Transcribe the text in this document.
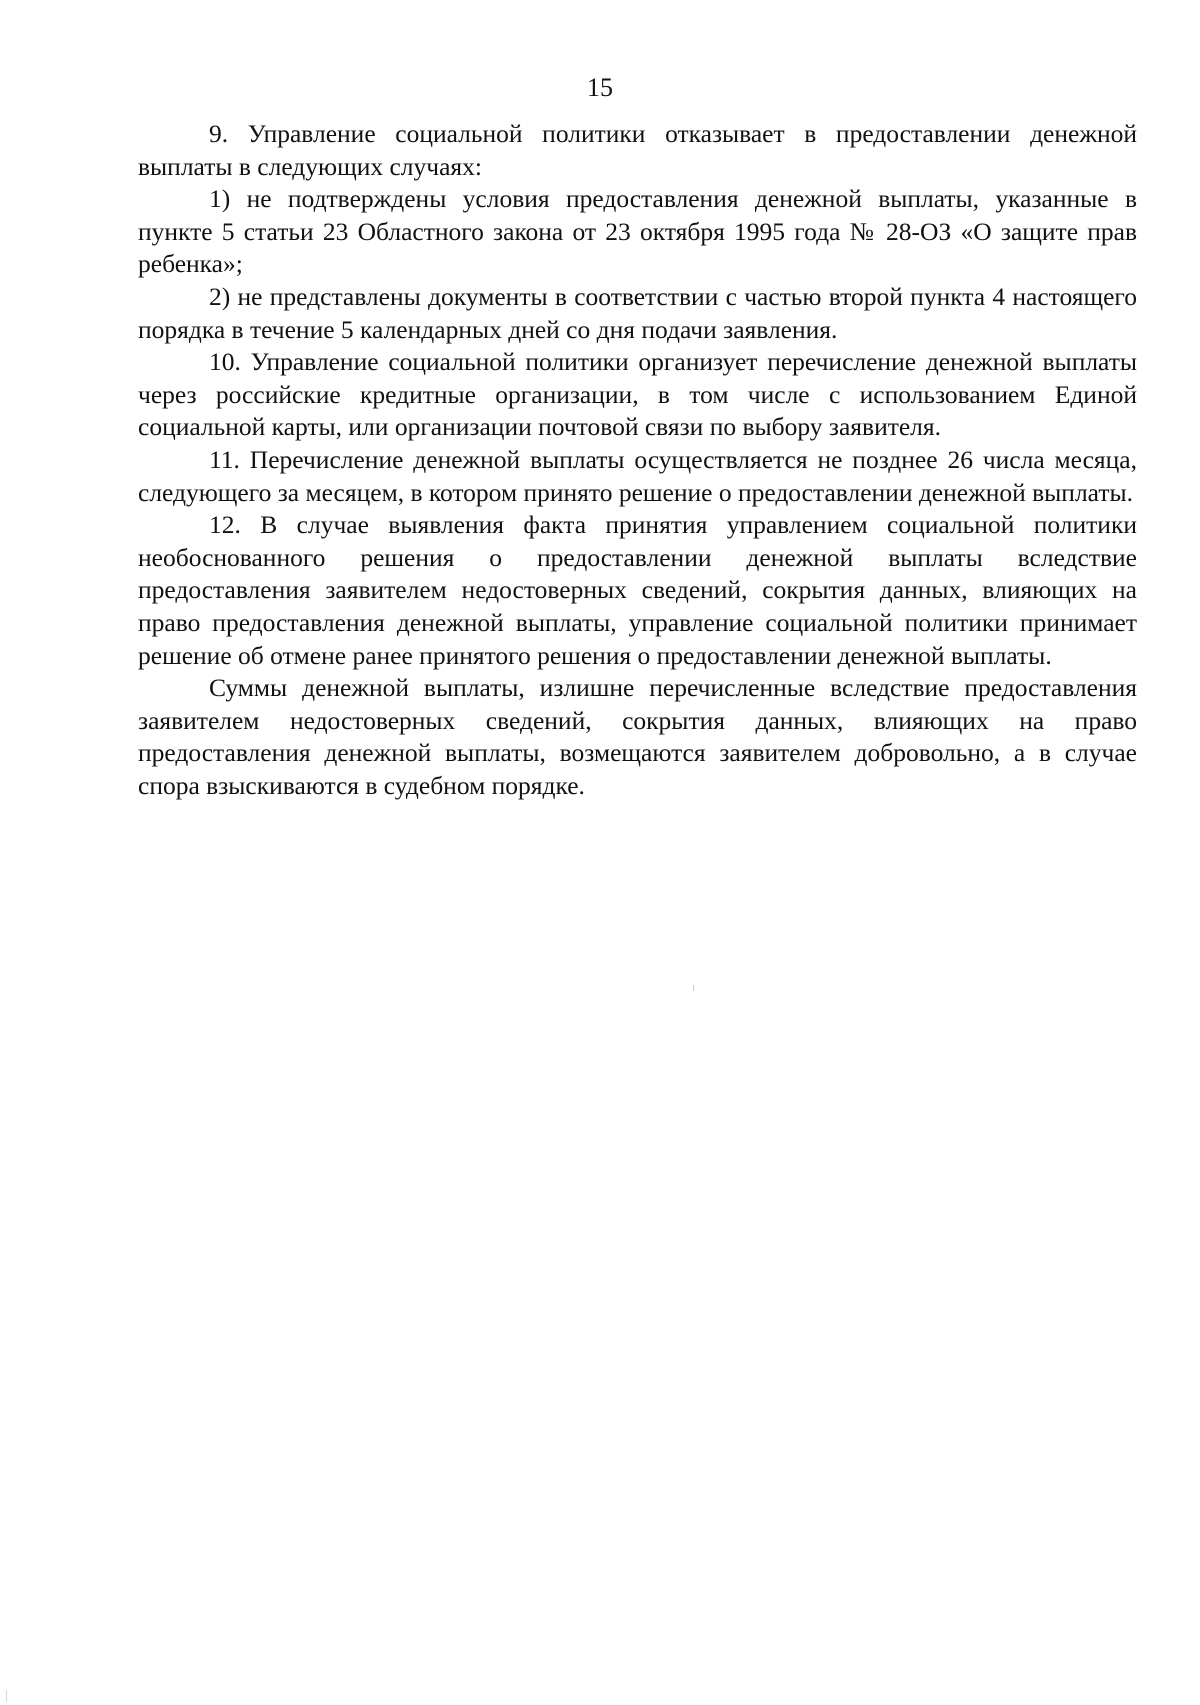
15

9. Управление социальной политики отказывает в предоставлении денежной выплаты в следующих случаях:

1) не подтверждены условия предоставления денежной выплаты, указанные в пункте 5 статьи 23 Областного закона от 23 октября 1995 года № 28-ОЗ «О защите прав ребенка»;

2) не представлены документы в соответствии с частью второй пункта 4 настоящего порядка в течение 5 календарных дней со дня подачи заявления.

10. Управление социальной политики организует перечисление денежной выплаты через российские кредитные организации, в том числе с использованием Единой социальной карты, или организации почтовой связи по выбору заявителя.

11. Перечисление денежной выплаты осуществляется не позднее 26 числа месяца, следующего за месяцем, в котором принято решение о предоставлении денежной выплаты.

12. В случае выявления факта принятия управлением социальной политики необоснованного решения о предоставлении денежной выплаты вследствие предоставления заявителем недостоверных сведений, сокрытия данных, влияющих на право предоставления денежной выплаты, управление социальной политики принимает решение об отмене ранее принятого решения о предоставлении денежной выплаты.

Суммы денежной выплаты, излишне перечисленные вследствие предоставления заявителем недостоверных сведений, сокрытия данных, влияющих на право предоставления денежной выплаты, возмещаются заявителем добровольно, а в случае спора взыскиваются в судебном порядке.
